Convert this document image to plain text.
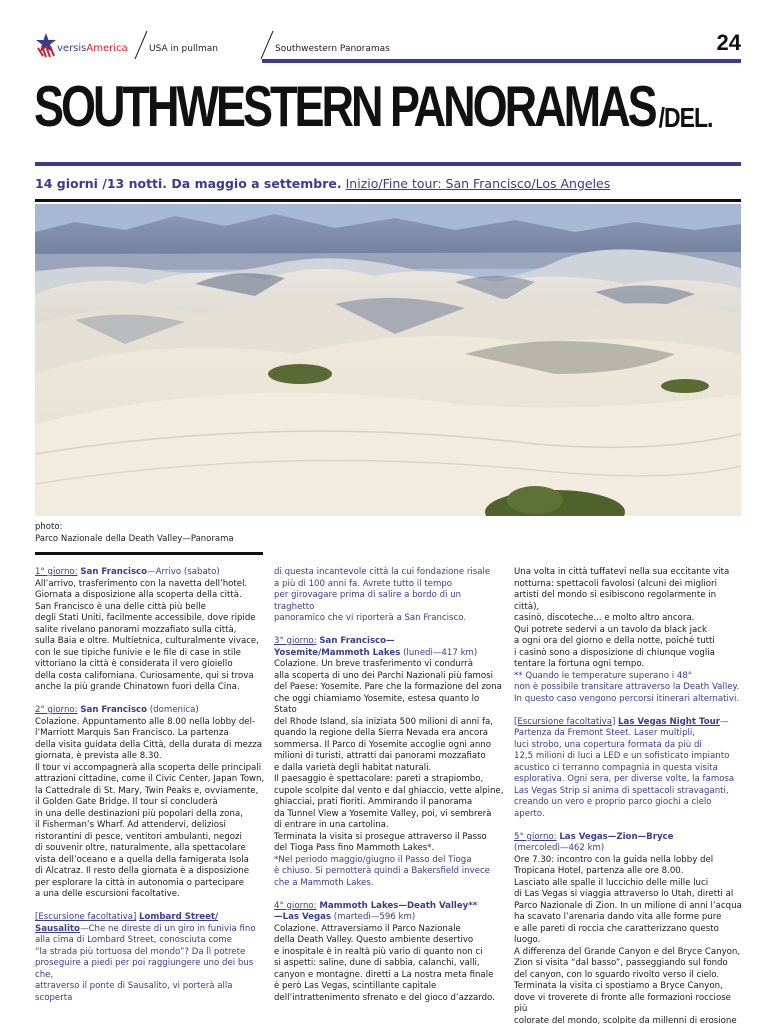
versisAmerica USA in pullman	Southwestern Panoramas	24
SOUTHWESTERN PANORAMAS /DEL.
14 giorni /13 notti. Da maggio a settembre. Inizio/Fine tour: San Francisco/Los Angeles
photo:
Parco Nazionale della Death Valley—Panorama

1° giorno: San Francisco—Arrivo (sabato)

All’arrivo, trasferimento con la navetta dell’hotel.

Giornata a disposizione alla scoperta della città.

San Francisco è una delle città più belle

degli Stati Uniti, facilmente accessibile, dove ripide

salite rivelano panorami mozzafiato sulla città,

sulla Baia e oltre. Multietnica, culturalmente vivace,

con le sue tipiche funivie e le file di case in stile

vittoriano la città è considerata il vero gioiello

della costa californiana. Curiosamente, qui si trova

anche la più grande Chinatown fuori della Cina.

2° giorno: San Francisco (domenica)

Colazione. Appuntamento alle 8.00 nella lobby del-

l’Marriott Marquis San Francisco. La partenza

della visita guidata della Città, della durata di mezza

giornata, è prevista alle 8.30.

Il tour vi accompagnerà alla scoperta delle principali

attrazioni cittadine, come il Civic Center, Japan Town,

la Cattedrale di St. Mary, Twin Peaks e, ovviamente,

il Golden Gate Bridge. Il tour si concluderà

in una delle destinazioni più popolari della zona,

il Fisherman’s Wharf. Ad attendervi, deliziosi

ristorantini di pesce, ventitori ambulanti, negozi

di souvenir oltre, naturalmente, alla spettacolare

vista dell’oceano e a quella della famigerata Isola

di Alcatraz. Il resto della giornata è a disposizione

per esplorare la città in autonomia o partecipare

a una delle escursioni facoltative.

[Escursione facoltativa] Lombard Street/

Sausalito—Che ne direste di un giro in funivia fino

alla cima di Lombard Street, conosciuta come

“la strada più tortuosa del mondo”? Da lì potrete

proseguire a piedi per poi raggiungere uno dei bus che,

attraverso il ponte di Sausalito, vi porterà alla scoperta

di questa incantevole città la cui fondazione risale

a più di 100 anni fa. Avrete tutto il tempo

per girovagare prima di salire a bordo di un traghetto

panoramico che vi riporterà a San Francisco.

3° giorno: San Francisco—

Yosemite/Mammoth Lakes (lunedì—417 km)

Colazione. Un breve trasferimento vi condurrà

alla scoperta di uno dei Parchi Nazionali più famosi

del Paese: Yosemite. Pare che la formazione del zona

che oggi chiamiamo Yosemite, estesa quanto lo Stato

del Rhode Island, sia iniziata 500 milioni di anni fa,

quando la regione della Sierra Nevada era ancora

sommersa. Il Parco di Yosemite accoglie ogni anno

milioni di turisti, attratti dai panorami mozzafiato

e dalla varietà degli habitat naturali.

Il paesaggio è spettacolare: pareti a strapiombo,

cupole scolpite dal vento e dal ghiaccio, vette alpine,

ghiacciai, prati fioriti. Ammirando il panorama

da Tunnel View a Yosemite Valley, poi, vi sembrerà

di entrare in una cartolina.

Terminata la visita si prosegue attraverso il Passo

del Tioga Pass fino Mammoth Lakes*.

*Nel periodo maggio/giugno il Passo del Tioga

è chiuso. Si pernotterà quindi a Bakersfield invece

che a Mammoth Lakes.

4° giorno: Mammoth Lakes—Death Valley**

—Las Vegas (martedì—596 km)

Colazione. Attraversiamo il Parco Nazionale

della Death Valley. Questo ambiente desertivo

e inospitale è in realtà più vario di quanto non ci

si aspetti: saline, dune di sabbia, calanchi, valli,

canyon e montagne. diretti a La nostra meta finale

è però Las Vegas, scintillante capitale

dell’intrattenimento sfrenato e del gioco d’azzardo.

Una volta in città tuffatevi nella sua eccitante vita

notturna: spettacoli favolosi (alcuni dei migliori

artisti del mondo si esibiscono regolarmente in città),

casinò, discoteche... e molto altro ancora.

Qui potrete sedervi a un tavolo da black jack

a ogni ora del giorno e della notte, poiché tutti

i casinò sono a disposizione di chiunque voglia

tentare la fortuna ogni tempo.

** Quando le temperature superano i 48°

non è possibile transitare attraverso la Death Valley.

In questo caso vengono percorsi itinerari alternativi.

[Escursione facoltativa] Las Vegas Night Tour—

Partenza da Fremont Steet. Laser multipli,

luci strobo, una copertura formata da più di

12,5 milioni di luci a LED e un sofisticato impianto

acustico ci terranno compagnia in questa visita

esplorativa. Ogni sera, per diverse volte, la famosa

Las Vegas Strip si anima di spettacoli stravaganti,

creando un vero e proprio parco giochi a cielo aperto.

5° giorno: Las Vegas—Zion—Bryce

(mercoledì—462 km)

Ore 7.30: incontro con la guida nella lobby del

Tropicana Hotel, partenza alle ore 8.00.

Lasciato alle spalle il luccichio delle mille luci

di Las Vegas si viaggia attraverso lo Utah, diretti al

Parco Nazionale di Zion. In un milione di anni l’acqua

ha scavato l’arenaria dando vita alle forme pure

e alle pareti di roccia che caratterizzano questo luogo.

A differenza del Grande Canyon e del Bryce Canyon,

Zion si visita “dal basso”, passeggiando sul fondo

del canyon, con lo sguardo rivolto verso il cielo.

Terminata la visita ci spostiamo a Bryce Canyon,

dove vi troverete di fronte alle formazioni rocciose più

colorate del mondo, scolpite da millenni di erosione
